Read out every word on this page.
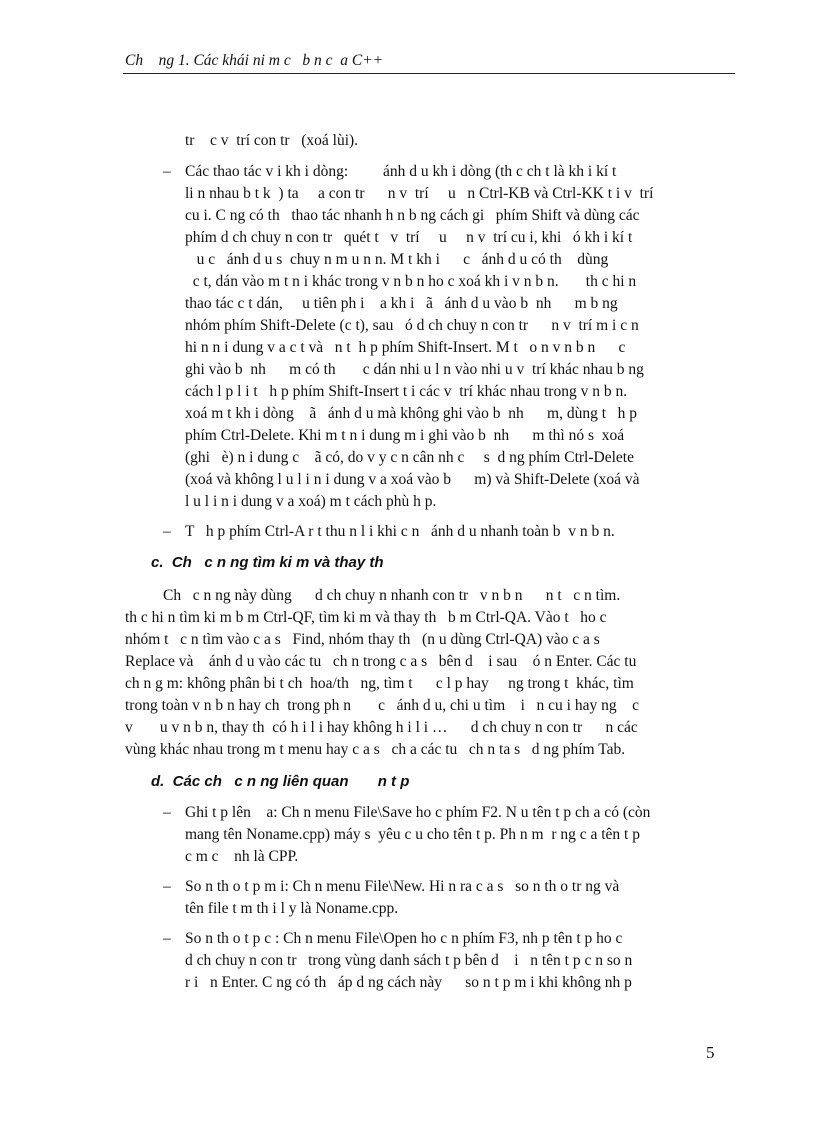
Ch    ng 1. Các khái ni m c   b n c  a C++
tr    c v  trí con tr   (xoá lùi).
– Các thao tác v i kh i dòng:         ánh d u kh i dòng (th c ch t là kh i kí t
li n nhau b t k  ) ta     a con tr      n v  trí     u   n Ctrl-KB và Ctrl-KK t i v  trí
cu i. C ng có th   thao tác nhanh h n b ng cách gi   phím Shift và dùng các
phím d ch chuy n con tr   quét t   v  trí     u     n v  trí cu i, khi   ó kh i kí t
u c   ánh d u s  chuy n m u n n. M t kh i      c   ánh d u có th    dùng
c t, dán vào m t n i khác trong v n b n ho c xoá kh i v n b n.       th c hi n
thao tác c t dán,     u tiên ph i    a kh i   ã   ánh d u vào b  nh      m b ng
nhóm phím Shift-Delete (c t), sau   ó d ch chuy n con tr      n v  trí m i c n
hi n n i dung v a c t và   n t  h p phím Shift-Insert. M t   o n v n b n      c
ghi vào b  nh      m có th       c dán nhi u l n vào nhi u v  trí khác nhau b ng
cách l p l i t   h p phím Shift-Insert t i các v  trí khác nhau trong v n b n.
xoá m t kh i dòng    ã   ánh d u mà không ghi vào b  nh      m, dùng t   h p
phím Ctrl-Delete. Khi m t n i dung m i ghi vào b  nh      m thì nó s  xoá
(ghi   è) n i dung c    ã có, do v y c n cân nh c     s  d ng phím Ctrl-Delete
(xoá và không l u l i n i dung v a xoá vào b      m) và Shift-Delete (xoá và
l u l i n i dung v a xoá) m t cách phù h p.
– T   h p phím Ctrl-A r t thu n l i khi c n   ánh d u nhanh toàn b  v n b n.
c.  Ch   c n ng tìm ki m và thay th
Ch   c n ng này dùng      d ch chuy n nhanh con tr   v n b n      n t   c n tìm.
th c hi n tìm ki m b m Ctrl-QF, tìm ki m và thay th   b m Ctrl-QA. Vào t   ho c
nhóm t   c n tìm vào c a s   Find, nhóm thay th   (n u dùng Ctrl-QA) vào c a s
Replace và    ánh d u vào các tu   ch n trong c a s   bên d    i sau    ó n Enter. Các tu
ch n g m: không phân bi t ch  hoa/th   ng, tìm t      c l p hay     ng trong t  khác, tìm
trong toàn v n b n hay ch  trong ph n       c   ánh d u, chi u tìm    i   n cu i hay ng    c
v       u v n b n, thay th  có h i l i hay không h i l i …      d ch chuy n con tr      n các
vùng khác nhau trong m t menu hay c a s   ch a các tu   ch n ta s   d ng phím Tab.
d.  Các ch   c n ng liên quan       n t p
– Ghi t p lên    a: Ch n menu File\Save ho c phím F2. N u tên t p ch a có (còn
mang tên Noname.cpp) máy s  yêu c u cho tên t p. Ph n m  r ng c a tên t p
c m c    nh là CPP.
– So n th o t p m i: Ch n menu File\New. Hi n ra c a s   so n th o tr ng và
tên file t m th i l y là Noname.cpp.
– So n th o t p c : Ch n menu File\Open ho c n phím F3, nh p tên t p ho c
d ch chuy n con tr   trong vùng danh sách t p bên d    i   n tên t p c n so n
r i   n Enter. C ng có th   áp d ng cách này      so n t p m i khi không nh p
5
